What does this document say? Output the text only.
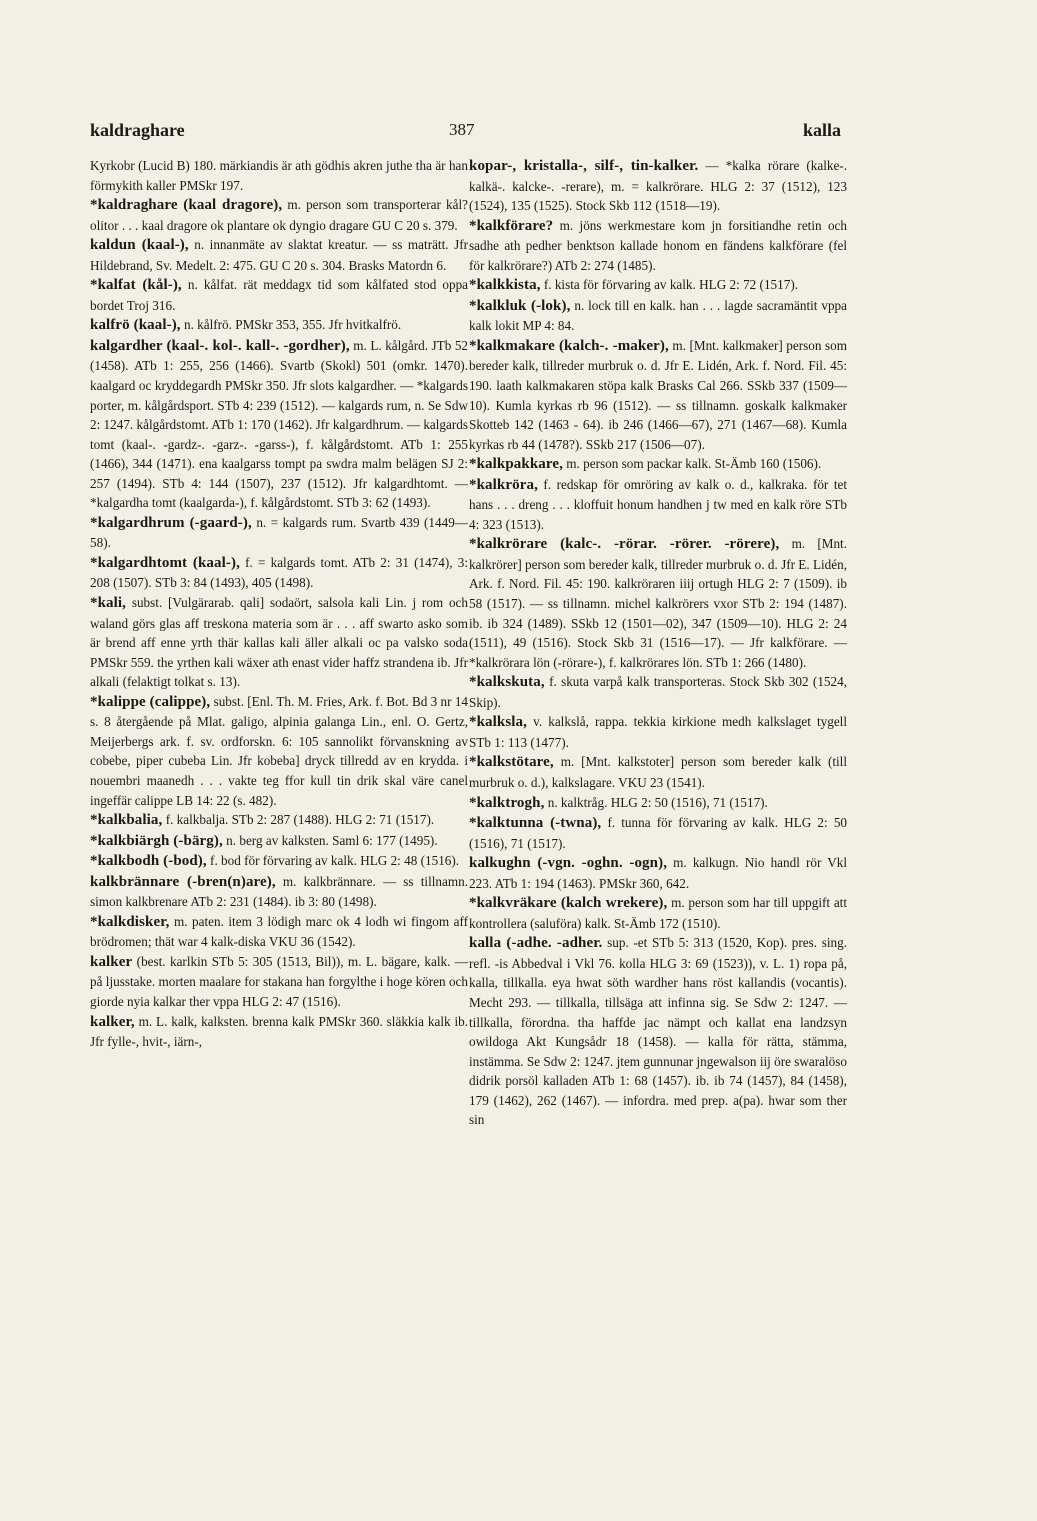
kaldraghare	387	kalla

Kyrkobr (Lucid B) 180. märkiandis är ath gödhis akren juthe tha är han förmykith kaller PMSkr 197.

*kaldraghare (kaal dragore), m. person som transporterar kål? olitor . . . kaal dragore ok plantare ok dyngio dragare GU C 20 s. 379.

kaldun (kaal-), n. innanmäte av slaktat kreatur. — ss maträtt. Jfr Hildebrand, Sv. Medelt. 2: 475. GU C 20 s. 304. Brasks Matordn 6.

*kalfat (kål-), n. kålfat. rät meddagx tid som kålfated stod oppa bordet Troj 316.

kalfrö (kaal-), n. kålfrö. PMSkr 353, 355. Jfr hvitkalfrö.

kalgardher (kaal-. kol-. kall-. -gordher), m. L. kålgård. JTb 52 (1458). ATb 1: 255, 256 (1466). Svartb (Skokl) 501 (omkr. 1470). kaalgard oc kryddegardh PMSkr 350. Jfr slots kalgardher. — *kalgards porter, m. kålgårdsport. STb 4: 239 (1512). — kalgards rum, n. Se Sdw 2: 1247. kålgårdstomt. ATb 1: 170 (1462). Jfr kalgardhrum. — kalgards tomt (kaal-. -gardz-. -garz-. -garss-), f. kålgårdstomt. ATb 1: 255 (1466), 344 (1471). ena kaalgarss tompt pa swdra malm belägen SJ 2: 257 (1494). STb 4: 144 (1507), 237 (1512). Jfr kalgardhtomt. — *kalgardha tomt (kaalgarda-), f. kålgårdstomt. STb 3: 62 (1493).

*kalgardhrum (-gaard-), n. = kalgards rum. Svartb 439 (1449—58).

*kalgardhtomt (kaal-), f. = kalgards tomt. ATb 2: 31 (1474), 3: 208 (1507). STb 3: 84 (1493), 405 (1498).

*kali, subst. [Vulgärarab. qali] sodaört, salsola kali Lin. j rom och waland görs glas aff treskona materia som är . . . aff swarto asko som är brend aff enne yrth thär kallas kali äller alkali oc pa valsko soda PMSkr 559. the yrthen kali wäxer ath enast vider haffz strandena ib. Jfr alkali (felaktigt tolkat s. 13).

*kalippe (calippe), subst. [Enl. Th. M. Fries, Ark. f. Bot. Bd 3 nr 14 s. 8 återgående på Mlat. galigo, alpinia galanga Lin., enl. O. Gertz, Meijerbergs ark. f. sv. ordforskn. 6: 105 sannolikt förvanskning av cobebe, piper cubeba Lin. Jfr kobeba] dryck tillredd av en krydda. i nouembri maanedh . . . vakte teg ffor kull tin drik skal väre canel ingeffär calippe LB 14: 22 (s. 482).

*kalkbalia, f. kalkbalja. STb 2: 287 (1488). HLG 2: 71 (1517).

*kalkbiärgh (-bärg), n. berg av kalksten. Saml 6: 177 (1495).

*kalkbodh (-bod), f. bod för förvaring av kalk. HLG 2: 48 (1516).

kalkbrännare (-bren(n)are), m. kalkbrännare. — ss tillnamn. simon kalkbrenare ATb 2: 231 (1484). ib 3: 80 (1498).

*kalkdisker, m. paten. item 3 lödigh marc ok 4 lodh wi fingom aff brödromen; thät war 4 kalk-diska VKU 36 (1542).

kalker (best. karlkin STb 5: 305 (1513, Bil)), m. L. bägare, kalk. — på ljusstake. morten maalare for stakana han forgylthe i hoge kören och giorde nyia kalkar ther vppa HLG 2: 47 (1516).

kalker, m. L. kalk, kalksten. brenna kalk PMSkr 360. släkkia kalk ib. Jfr fylle-, hvit-, iärn-,

kopar-, kristalla-, silf-, tin-kalker. — *kalka rörare (kalke-. kalkä-. kalcke-. -rerare), m. = kalkrörare. HLG 2: 37 (1512), 123 (1524), 135 (1525). Stock Skb 112 (1518—19).

*kalkförare? m. jöns werkmestare kom jn forsitiandhe retin och sadhe ath pedher benktson kallade honom en fändens kalkförare (fel för kalkrörare?) ATb 2: 274 (1485).

*kalkkista, f. kista för förvaring av kalk. HLG 2: 72 (1517).

*kalkluk (-lok), n. lock till en kalk. han . . . lagde sacramäntit vppa kalk lokit MP 4: 84.

*kalkmakare (kalch-. -maker), m. [Mnt. kalkmaker] person som bereder kalk, tillreder murbruk o. d. Jfr E. Lidén, Ark. f. Nord. Fil. 45: 190. laath kalkmakaren stöpa kalk Brasks Cal 266. SSkb 337 (1509—10). Kumla kyrkas rb 96 (1512). — ss tillnamn. goskalk kalkmaker Skotteb 142 (1463 - 64). ib 246 (1466—67), 271 (1467—68). Kumla kyrkas rb 44 (1478?). SSkb 217 (1506—07).

*kalkpakkare, m. person som packar kalk. St-Ämb 160 (1506).

*kalkröra, f. redskap för omröring av kalk o. d., kalkraka. för tet hans . . . dreng . . . kloffuit honum handhen j tw med en kalk röre STb 4: 323 (1513).

*kalkrörare (kalc-. -rörar. -rörer. -rörere), m. [Mnt. kalkrörer] person som bereder kalk, tillreder murbruk o. d. Jfr E. Lidén, Ark. f. Nord. Fil. 45: 190. kalkröraren iiij ortugh HLG 2: 7 (1509). ib 58 (1517). — ss tillnamn. michel kalkrörers vxor STb 2: 194 (1487). ib. ib 324 (1489). SSkb 12 (1501—02), 347 (1509—10). HLG 2: 24 (1511), 49 (1516). Stock Skb 31 (1516—17). — Jfr kalkförare. — *kalkrörara lön (-rörare-), f. kalkrörares lön. STb 1: 266 (1480).

*kalkskuta, f. skuta varpå kalk transporteras. Stock Skb 302 (1524, Skip).

*kalksla, v. kalkslå, rappa. tekkia kirkione medh kalkslaget tygell STb 1: 113 (1477).

*kalkstötare, m. [Mnt. kalkstoter] person som bereder kalk (till murbruk o. d.), kalkslagare. VKU 23 (1541).

*kalktrogh, n. kalktråg. HLG 2: 50 (1516), 71 (1517).

*kalktunna (-twna), f. tunna för förvaring av kalk. HLG 2: 50 (1516), 71 (1517).

kalkughn (-vgn. -oghn. -ogn), m. kalkugn. Nio handl rör Vkl 223. ATb 1: 194 (1463). PMSkr 360, 642.

*kalkvräkare (kalch wrekere), m. person som har till uppgift att kontrollera (saluföra) kalk. St-Ämb 172 (1510).

kalla (-adhe. -adher. sup. -et STb 5: 313 (1520, Kop). pres. sing. refl. -is Abbedval i Vkl 76. kolla HLG 3: 69 (1523)), v. L. 1) ropa på, kalla, tillkalla. eya hwat söth wardher hans röst kallandis (vocantis). Mecht 293. — tillkalla, tillsäga att infinna sig. Se Sdw 2: 1247. — tillkalla, förordna. tha haffde jac nämpt och kallat ena landzsyn owildoga Akt Kungsådr 18 (1458). — kalla för rätta, stämma, instämma. Se Sdw 2: 1247. jtem gunnunar jngewalson iij öre swaralöso didrik porsöl kalladen ATb 1: 68 (1457). ib. ib 74 (1457), 84 (1458), 179 (1462), 262 (1467). — infordra. med prep. a(pa). hwar som ther sin
